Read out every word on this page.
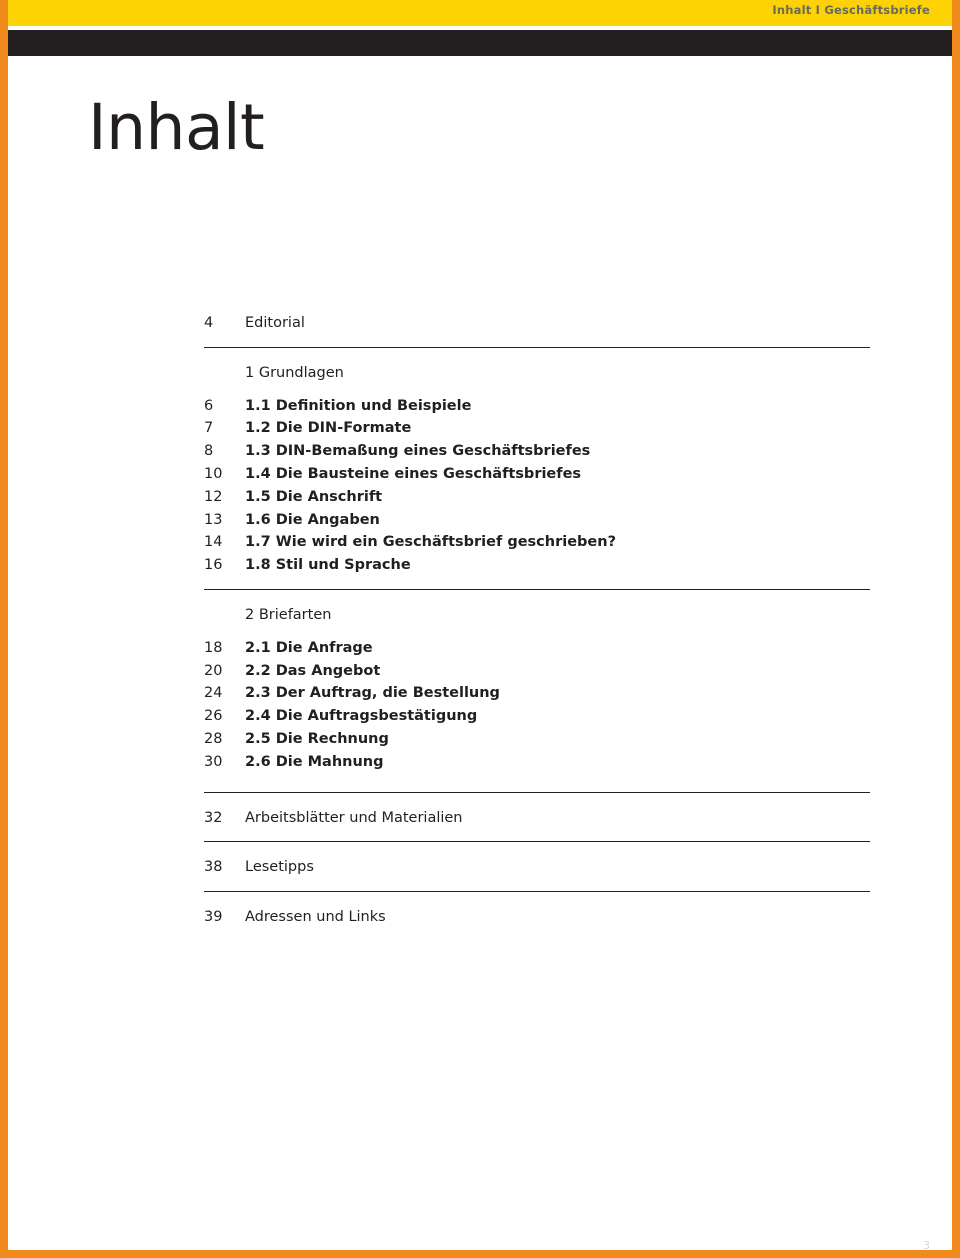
Inhalt I Geschäftsbriefe
Inhalt
4	Editorial
1 Grundlagen
6	1.1 Definition und Beispiele
7	1.2 Die DIN-Formate
8	1.3 DIN-Bemaßung eines Geschäftsbriefes
10	1.4 Die Bausteine eines Geschäftsbriefes
12	1.5 Die Anschrift
13	1.6 Die Angaben
14	1.7 Wie wird ein Geschäftsbrief geschrieben?
16	1.8 Stil und Sprache
2 Briefarten
18	2.1 Die Anfrage
20	2.2 Das Angebot
24	2.3 Der Auftrag, die Bestellung
26	2.4 Die Auftragsbestätigung
28	2.5 Die Rechnung
30	2.6 Die Mahnung
32	Arbeitsblätter und Materialien
38	Lesetipps
39	Adressen und Links
3
